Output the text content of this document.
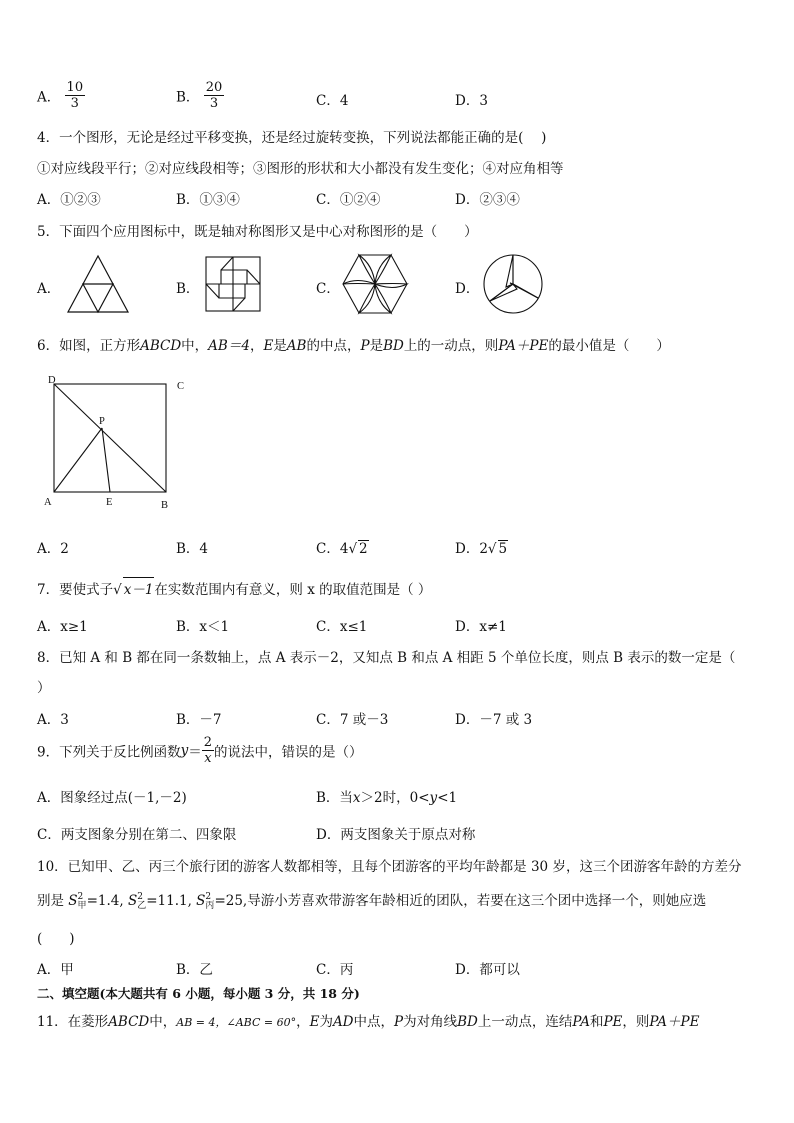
A． $\frac{10}{3}$	B． $\frac{20}{3}$	C．4	D．3
4．一个图形，无论是经过平移变换，还是经过旋转变换，下列说法都能正确的是(　 )
①对应线段平行；②对应线段相等；③图形的形状和大小都没有发生变化；④对应角相等
A．①②③	B．①③④	C．①②④	D．②③④
5．下面四个应用图标中，既是轴对称图形又是中心对称图形的是（　　）
A．	B．	C．	D．
6．如图，正方形ABCD中，AB＝4，E是AB的中点，P是BD上的一动点，则PA＋PE的最小值是（　　）
D
C
P
A	E	B
A．2	B．4	C．4√ 2	D．2√ 5
7．要使式子√ x－1在实数范围内有意义，则 x 的取值范围是（ ）
A．x≥1	B．x＜1	C．x≤1	D．x≠1
8．已知 A 和 B 都在同一条数轴上，点 A 表示－2，又知点 B 和点 A 相距 5 个单位长度，则点 B 表示的数一定是（
）
A．3	B．－7	C．7 或－3	D．－7 或 3
9．下列关于反比例函数$y= \frac{2}{x}$ 的说法中，错误的是（）
A．图象经过点(－1,－2)	B．当x＞2时，0<y<1
C．两支图象分别在第二、四象限	D．两支图象关于原点对称
10．已知甲、乙、丙三个旅行团的游客人数都相等，且每个团游客的平均年龄都是 30 岁，这三个团游客年龄的方差分
别是 S 2
甲 =1.4, S 2
乙 =11.1, S 2
丙 =25,导游小芳喜欢带游客年龄相近的团队，若要在这三个团中选择一个，则她应选
(　　)
A．甲	B．乙	C．丙	D．都可以
二、填空题(本大题共有 6 小题，每小题 3 分，共 18 分)
11．在菱形ABCD中，AB = 4，∠ABC = 60°，E为AD中点，P为对角线BD上一动点，连结PA和PE，则PA＋PE
